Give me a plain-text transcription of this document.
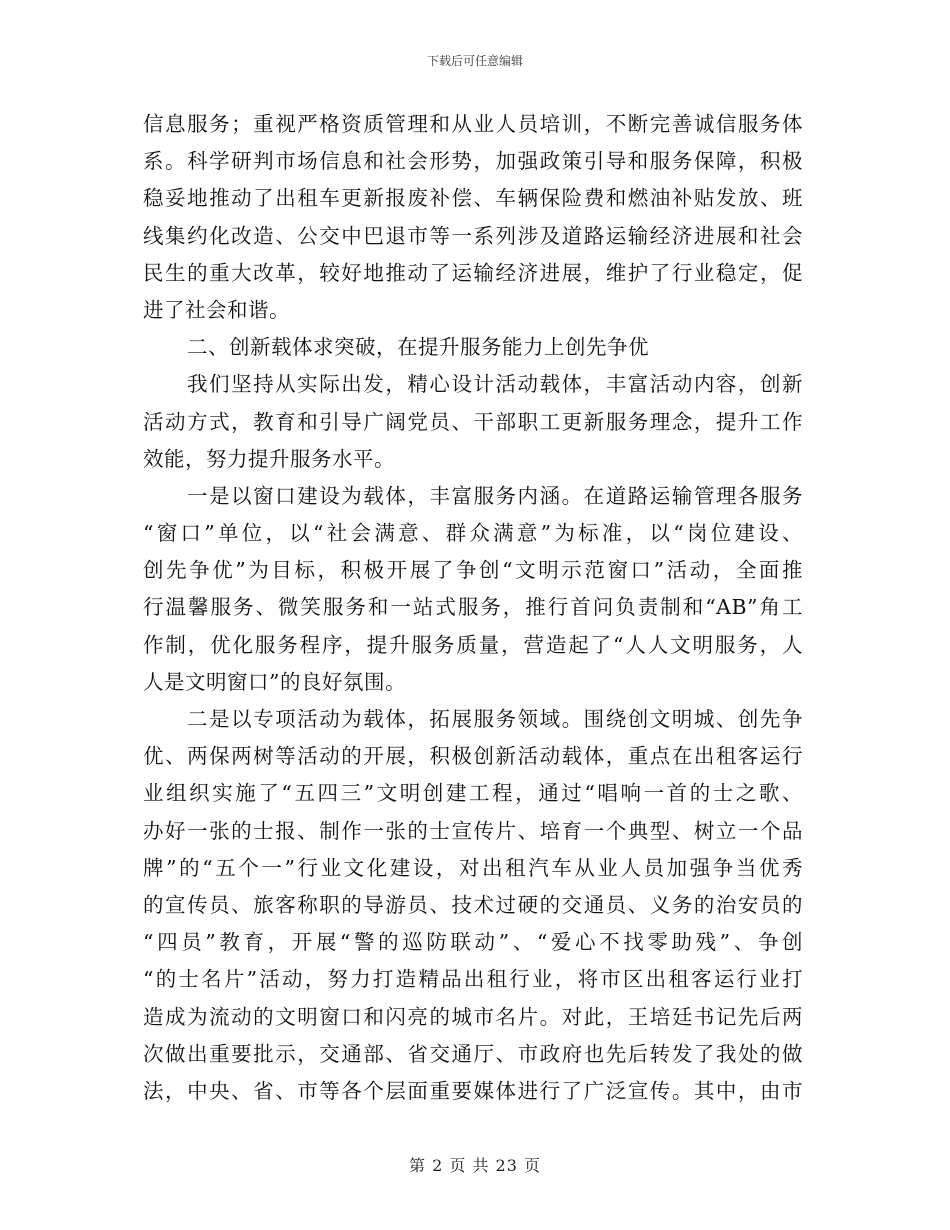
下载后可任意编辑
信息服务；重视严格资质管理和从业人员培训，不断完善诚信服务体
系。科学研判市场信息和社会形势，加强政策引导和服务保障，积极
稳妥地推动了出租车更新报废补偿、车辆保险费和燃油补贴发放、班
线集约化改造、公交中巴退市等一系列涉及道路运输经济进展和社会
民生的重大改革，较好地推动了运输经济进展，维护了行业稳定，促
进了社会和谐。
二、创新载体求突破，在提升服务能力上创先争优
我们坚持从实际出发，精心设计活动载体，丰富活动内容，创新
活动方式，教育和引导广阔党员、干部职工更新服务理念，提升工作
效能，努力提升服务水平。
一是以窗口建设为载体，丰富服务内涵。在道路运输管理各服务
“窗口”单位，以“社会满意、群众满意”为标准，以“岗位建设、
创先争优”为目标，积极开展了争创“文明示范窗口”活动，全面推
行温馨服务、微笑服务和一站式服务，推行首问负责制和“AB”角工
作制，优化服务程序，提升服务质量，营造起了“人人文明服务，人
人是文明窗口”的良好氛围。
二是以专项活动为载体，拓展服务领域。围绕创文明城、创先争
优、两保两树等活动的开展，积极创新活动载体，重点在出租客运行
业组织实施了“五四三”文明创建工程，通过“唱响一首的士之歌、
办好一张的士报、制作一张的士宣传片、培育一个典型、树立一个品
牌”的“五个一”行业文化建设，对出租汽车从业人员加强争当优秀
的宣传员、旅客称职的导游员、技术过硬的交通员、义务的治安员的
“四员”教育，开展“警的巡防联动”、“爱心不找零助残”、争创
“的士名片”活动，努力打造精品出租行业，将市区出租客运行业打
造成为流动的文明窗口和闪亮的城市名片。对此，王培廷书记先后两
次做出重要批示，交通部、省交通厅、市政府也先后转发了我处的做
法，中央、省、市等各个层面重要媒体进行了广泛宣传。其中，由市
第 2 页 共 23 页
